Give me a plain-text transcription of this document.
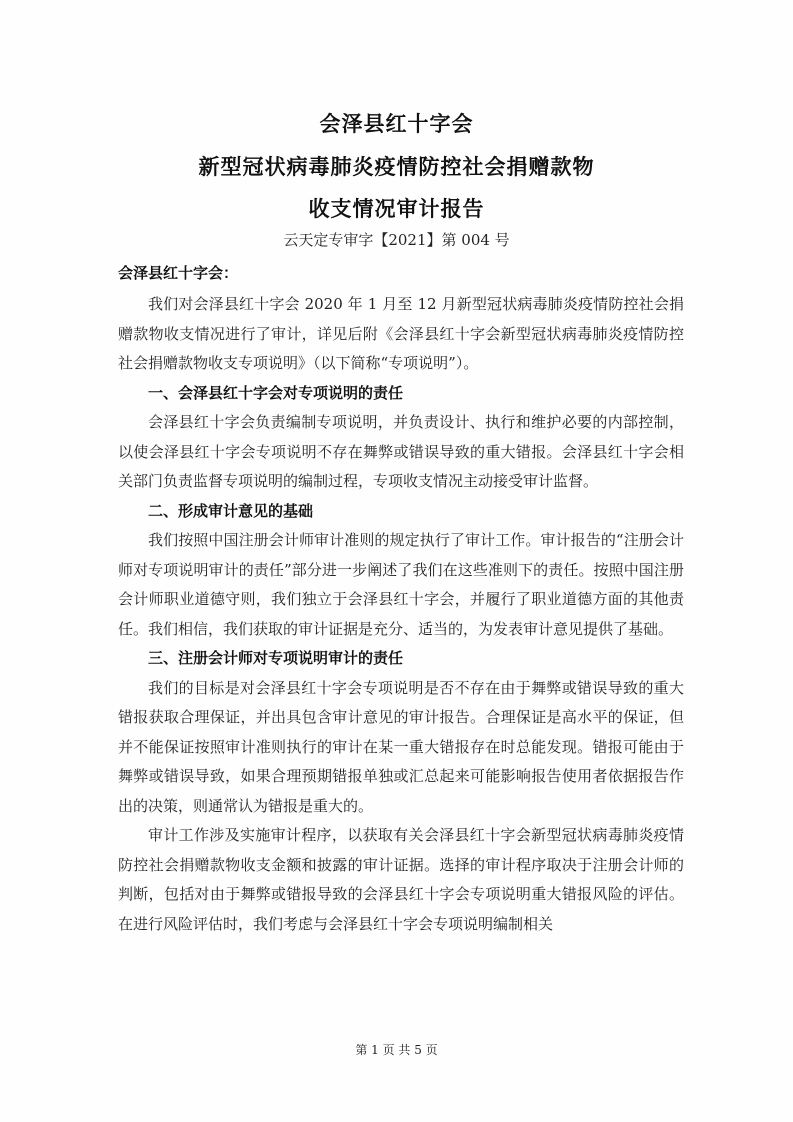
会泽县红十字会
新型冠状病毒肺炎疫情防控社会捐赠款物
收支情况审计报告
云天定专审字【2021】第 004 号
会泽县红十字会：

我们对会泽县红十字会 2020 年 1 月至 12 月新型冠状病毒肺炎疫情防控社会捐赠款物收支情况进行了审计，详见后附《会泽县红十字会新型冠状病毒肺炎疫情防控社会捐赠款物收支专项说明》（以下简称“专项说明”）。

一、会泽县红十字会对专项说明的责任

会泽县红十字会负责编制专项说明，并负责设计、执行和维护必要的内部控制，以使会泽县红十字会专项说明不存在舞弊或错误导致的重大错报。会泽县红十字会相关部门负责监督专项说明的编制过程，专项收支情况主动接受审计监督。

二、形成审计意见的基础

我们按照中国注册会计师审计准则的规定执行了审计工作。审计报告的“注册会计师对专项说明审计的责任”部分进一步阐述了我们在这些准则下的责任。按照中国注册会计师职业道德守则，我们独立于会泽县红十字会，并履行了职业道德方面的其他责任。我们相信，我们获取的审计证据是充分、适当的，为发表审计意见提供了基础。

三、注册会计师对专项说明审计的责任

我们的目标是对会泽县红十字会专项说明是否不存在由于舞弊或错误导致的重大错报获取合理保证，并出具包含审计意见的审计报告。合理保证是高水平的保证，但并不能保证按照审计准则执行的审计在某一重大错报存在时总能发现。错报可能由于舞弊或错误导致，如果合理预期错报单独或汇总起来可能影响报告使用者依据报告作出的决策，则通常认为错报是重大的。

审计工作涉及实施审计程序，以获取有关会泽县红十字会新型冠状病毒肺炎疫情防控社会捐赠款物收支金额和披露的审计证据。选择的审计程序取决于注册会计师的判断，包括对由于舞弊或错报导致的会泽县红十字会专项说明重大错报风险的评估。在进行风险评估时，我们考虑与会泽县红十字会专项说明编制相关

第 1 页 共 5 页
